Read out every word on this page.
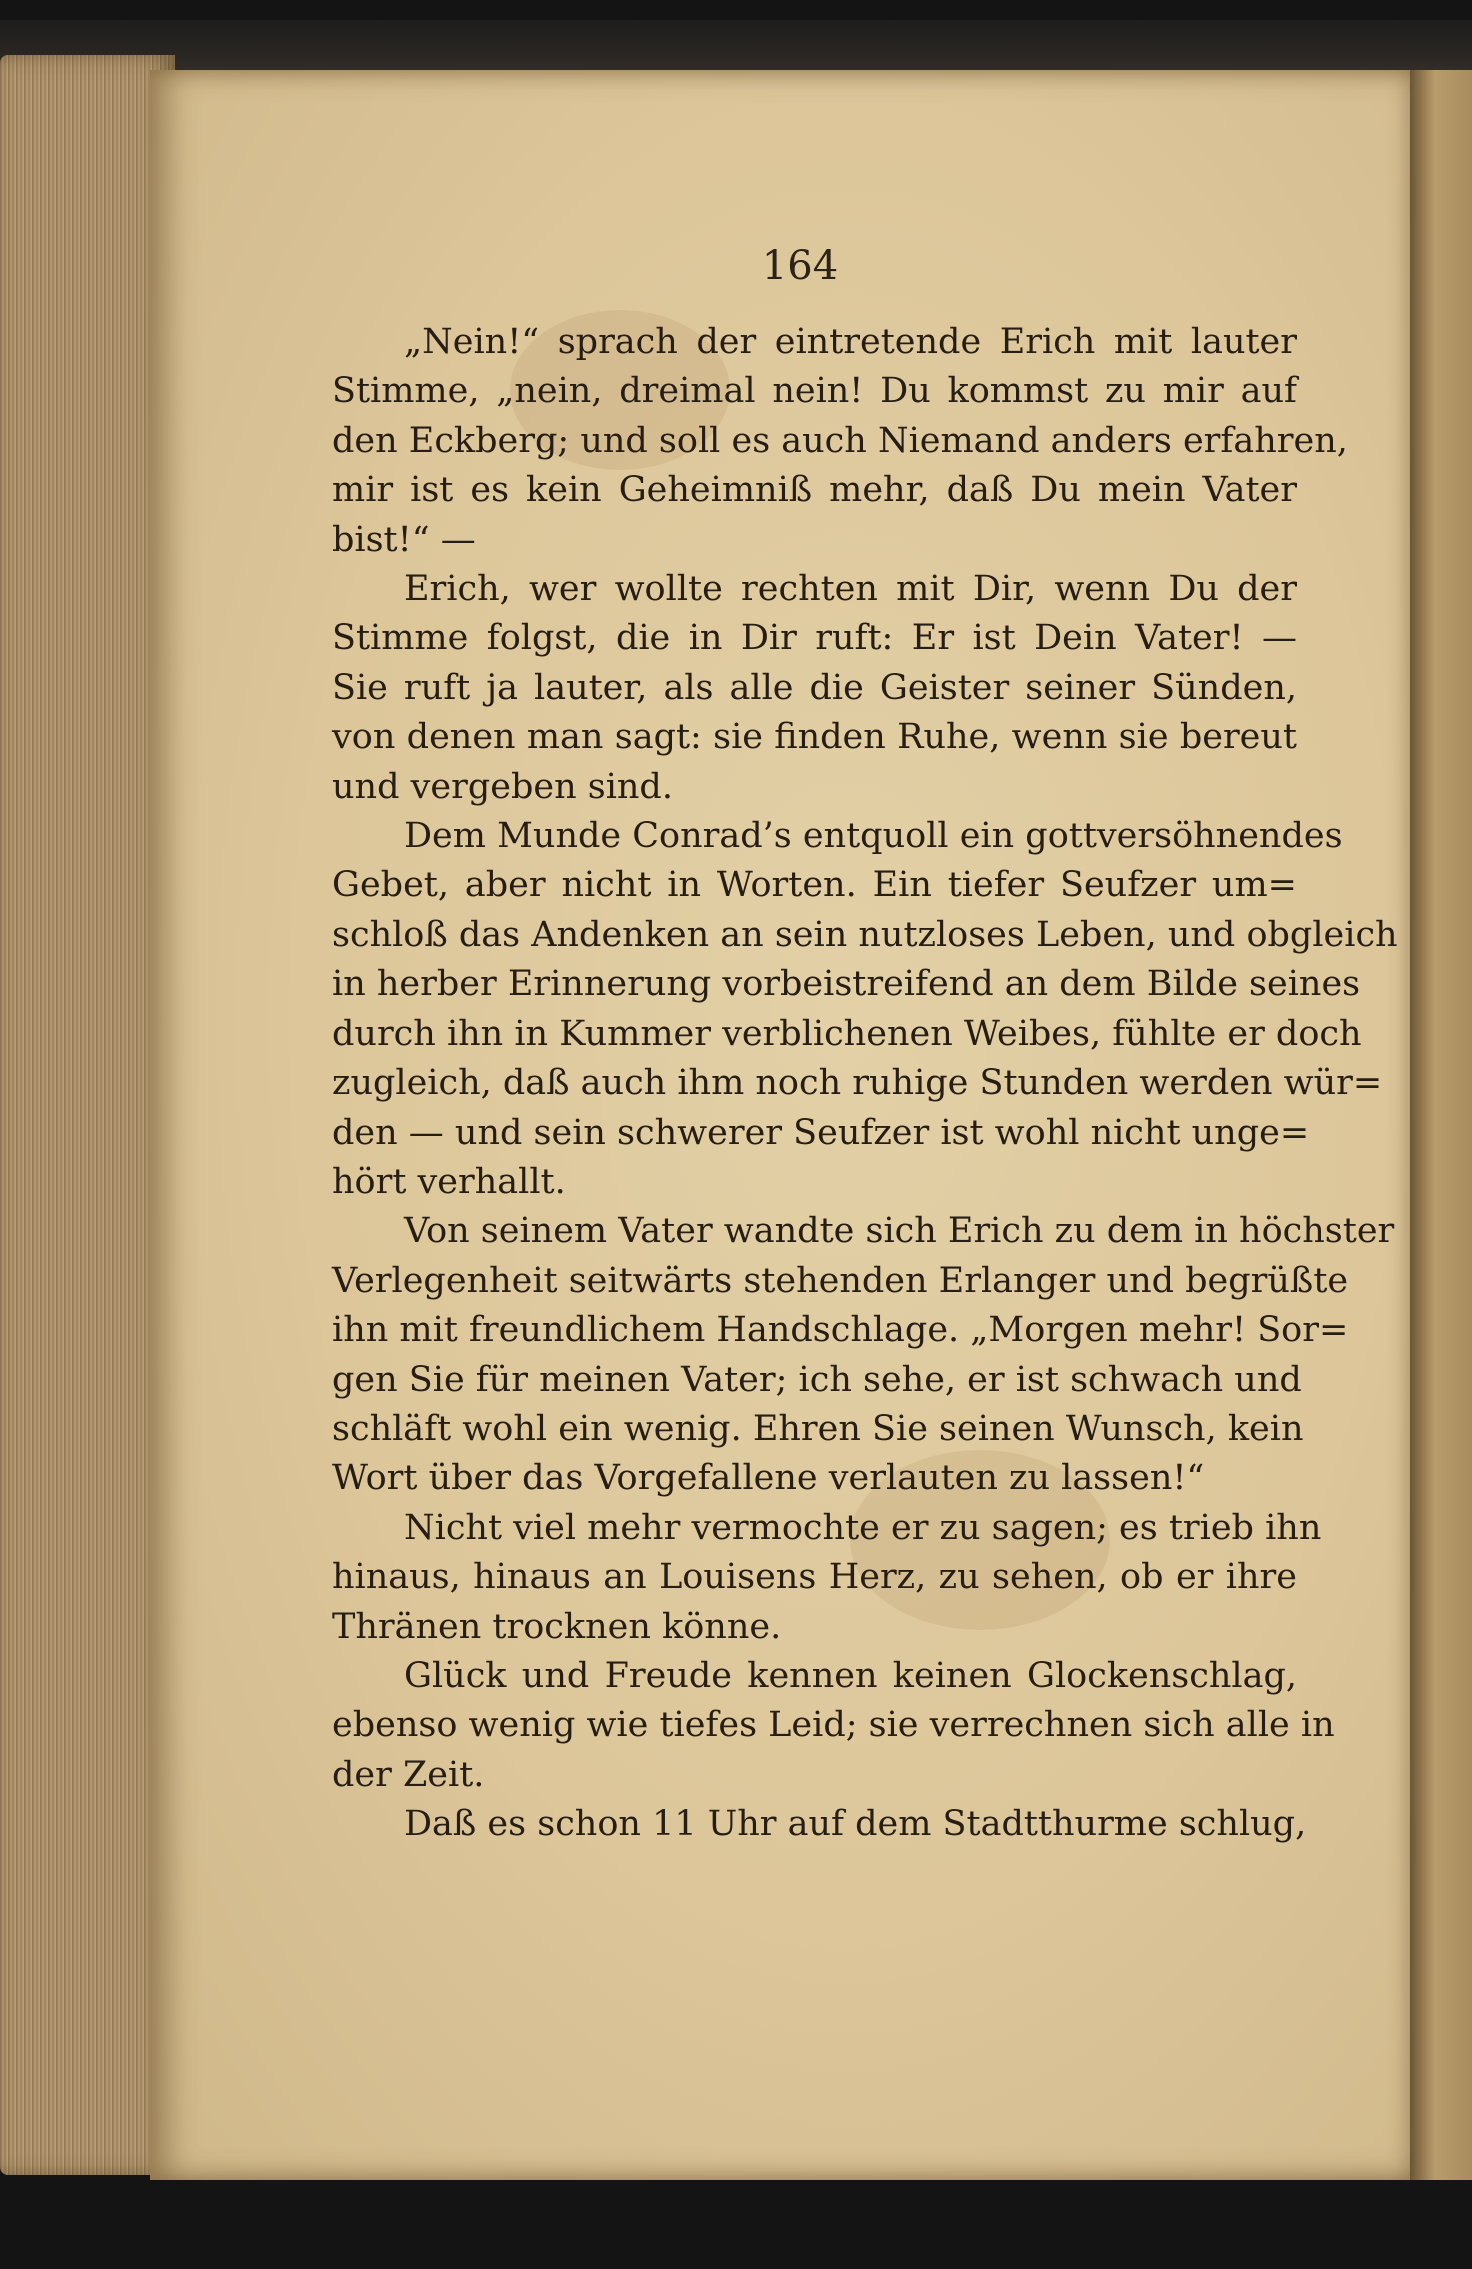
164

„Nein!“ sprach der eintretende Erich mit lauter
Stimme, „nein, dreimal nein! Du kommst zu mir auf
den Eckberg; und soll es auch Niemand anders erfahren,
mir ist es kein Geheimniß mehr, daß Du mein Vater
bist!“ —

Erich, wer wollte rechten mit Dir, wenn Du der
Stimme folgst, die in Dir ruft: Er ist Dein Vater! —
Sie ruft ja lauter, als alle die Geister seiner Sünden,
von denen man sagt: sie finden Ruhe, wenn sie bereut
und vergeben sind.

Dem Munde Conrad’s entquoll ein gottversöhnendes
Gebet, aber nicht in Worten. Ein tiefer Seufzer um=
schloß das Andenken an sein nutzloses Leben, und obgleich
in herber Erinnerung vorbeistreifend an dem Bilde seines
durch ihn in Kummer verblichenen Weibes, fühlte er doch
zugleich, daß auch ihm noch ruhige Stunden werden wür=
den — und sein schwerer Seufzer ist wohl nicht unge=
hört verhallt.

Von seinem Vater wandte sich Erich zu dem in höchster
Verlegenheit seitwärts stehenden Erlanger und begrüßte
ihn mit freundlichem Handschlage. „Morgen mehr! Sor=
gen Sie für meinen Vater; ich sehe, er ist schwach und
schläft wohl ein wenig. Ehren Sie seinen Wunsch, kein
Wort über das Vorgefallene verlauten zu lassen!“

Nicht viel mehr vermochte er zu sagen; es trieb ihn
hinaus, hinaus an Louisens Herz, zu sehen, ob er ihre
Thränen trocknen könne.

Glück und Freude kennen keinen Glockenschlag,
ebenso wenig wie tiefes Leid; sie verrechnen sich alle in
der Zeit.

Daß es schon 11 Uhr auf dem Stadtthurme schlug,
